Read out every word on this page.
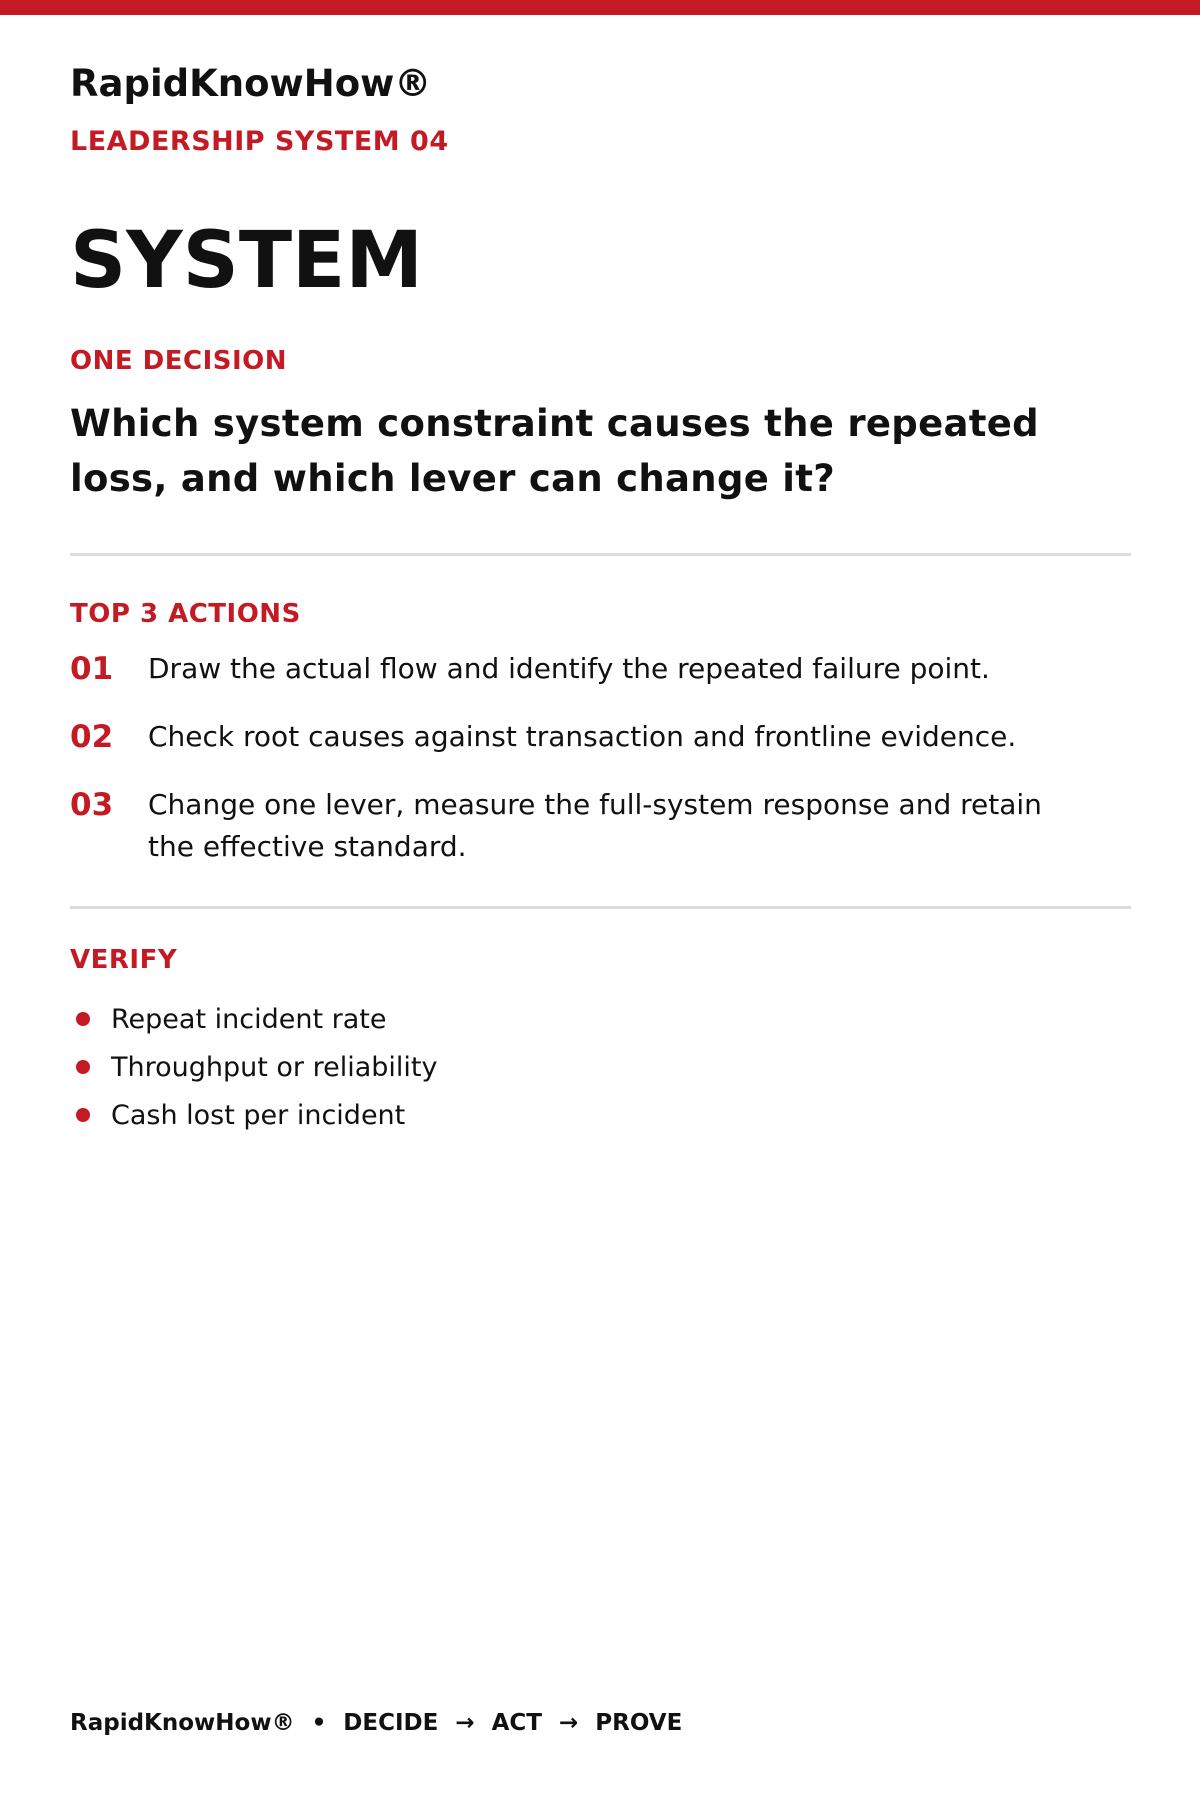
RapidKnowHow®
LEADERSHIP SYSTEM 04
SYSTEM
ONE DECISION
Which system constraint causes the repeated loss, and which lever can change it?
TOP 3 ACTIONS
01	Draw the actual flow and identify the repeated failure point.
02	Check root causes against transaction and frontline evidence.
03	Change one lever, measure the full-system response and retain the effective standard.
VERIFY
Repeat incident rate
Throughput or reliability
Cash lost per incident
RapidKnowHow® • DECIDE → ACT → PROVE
